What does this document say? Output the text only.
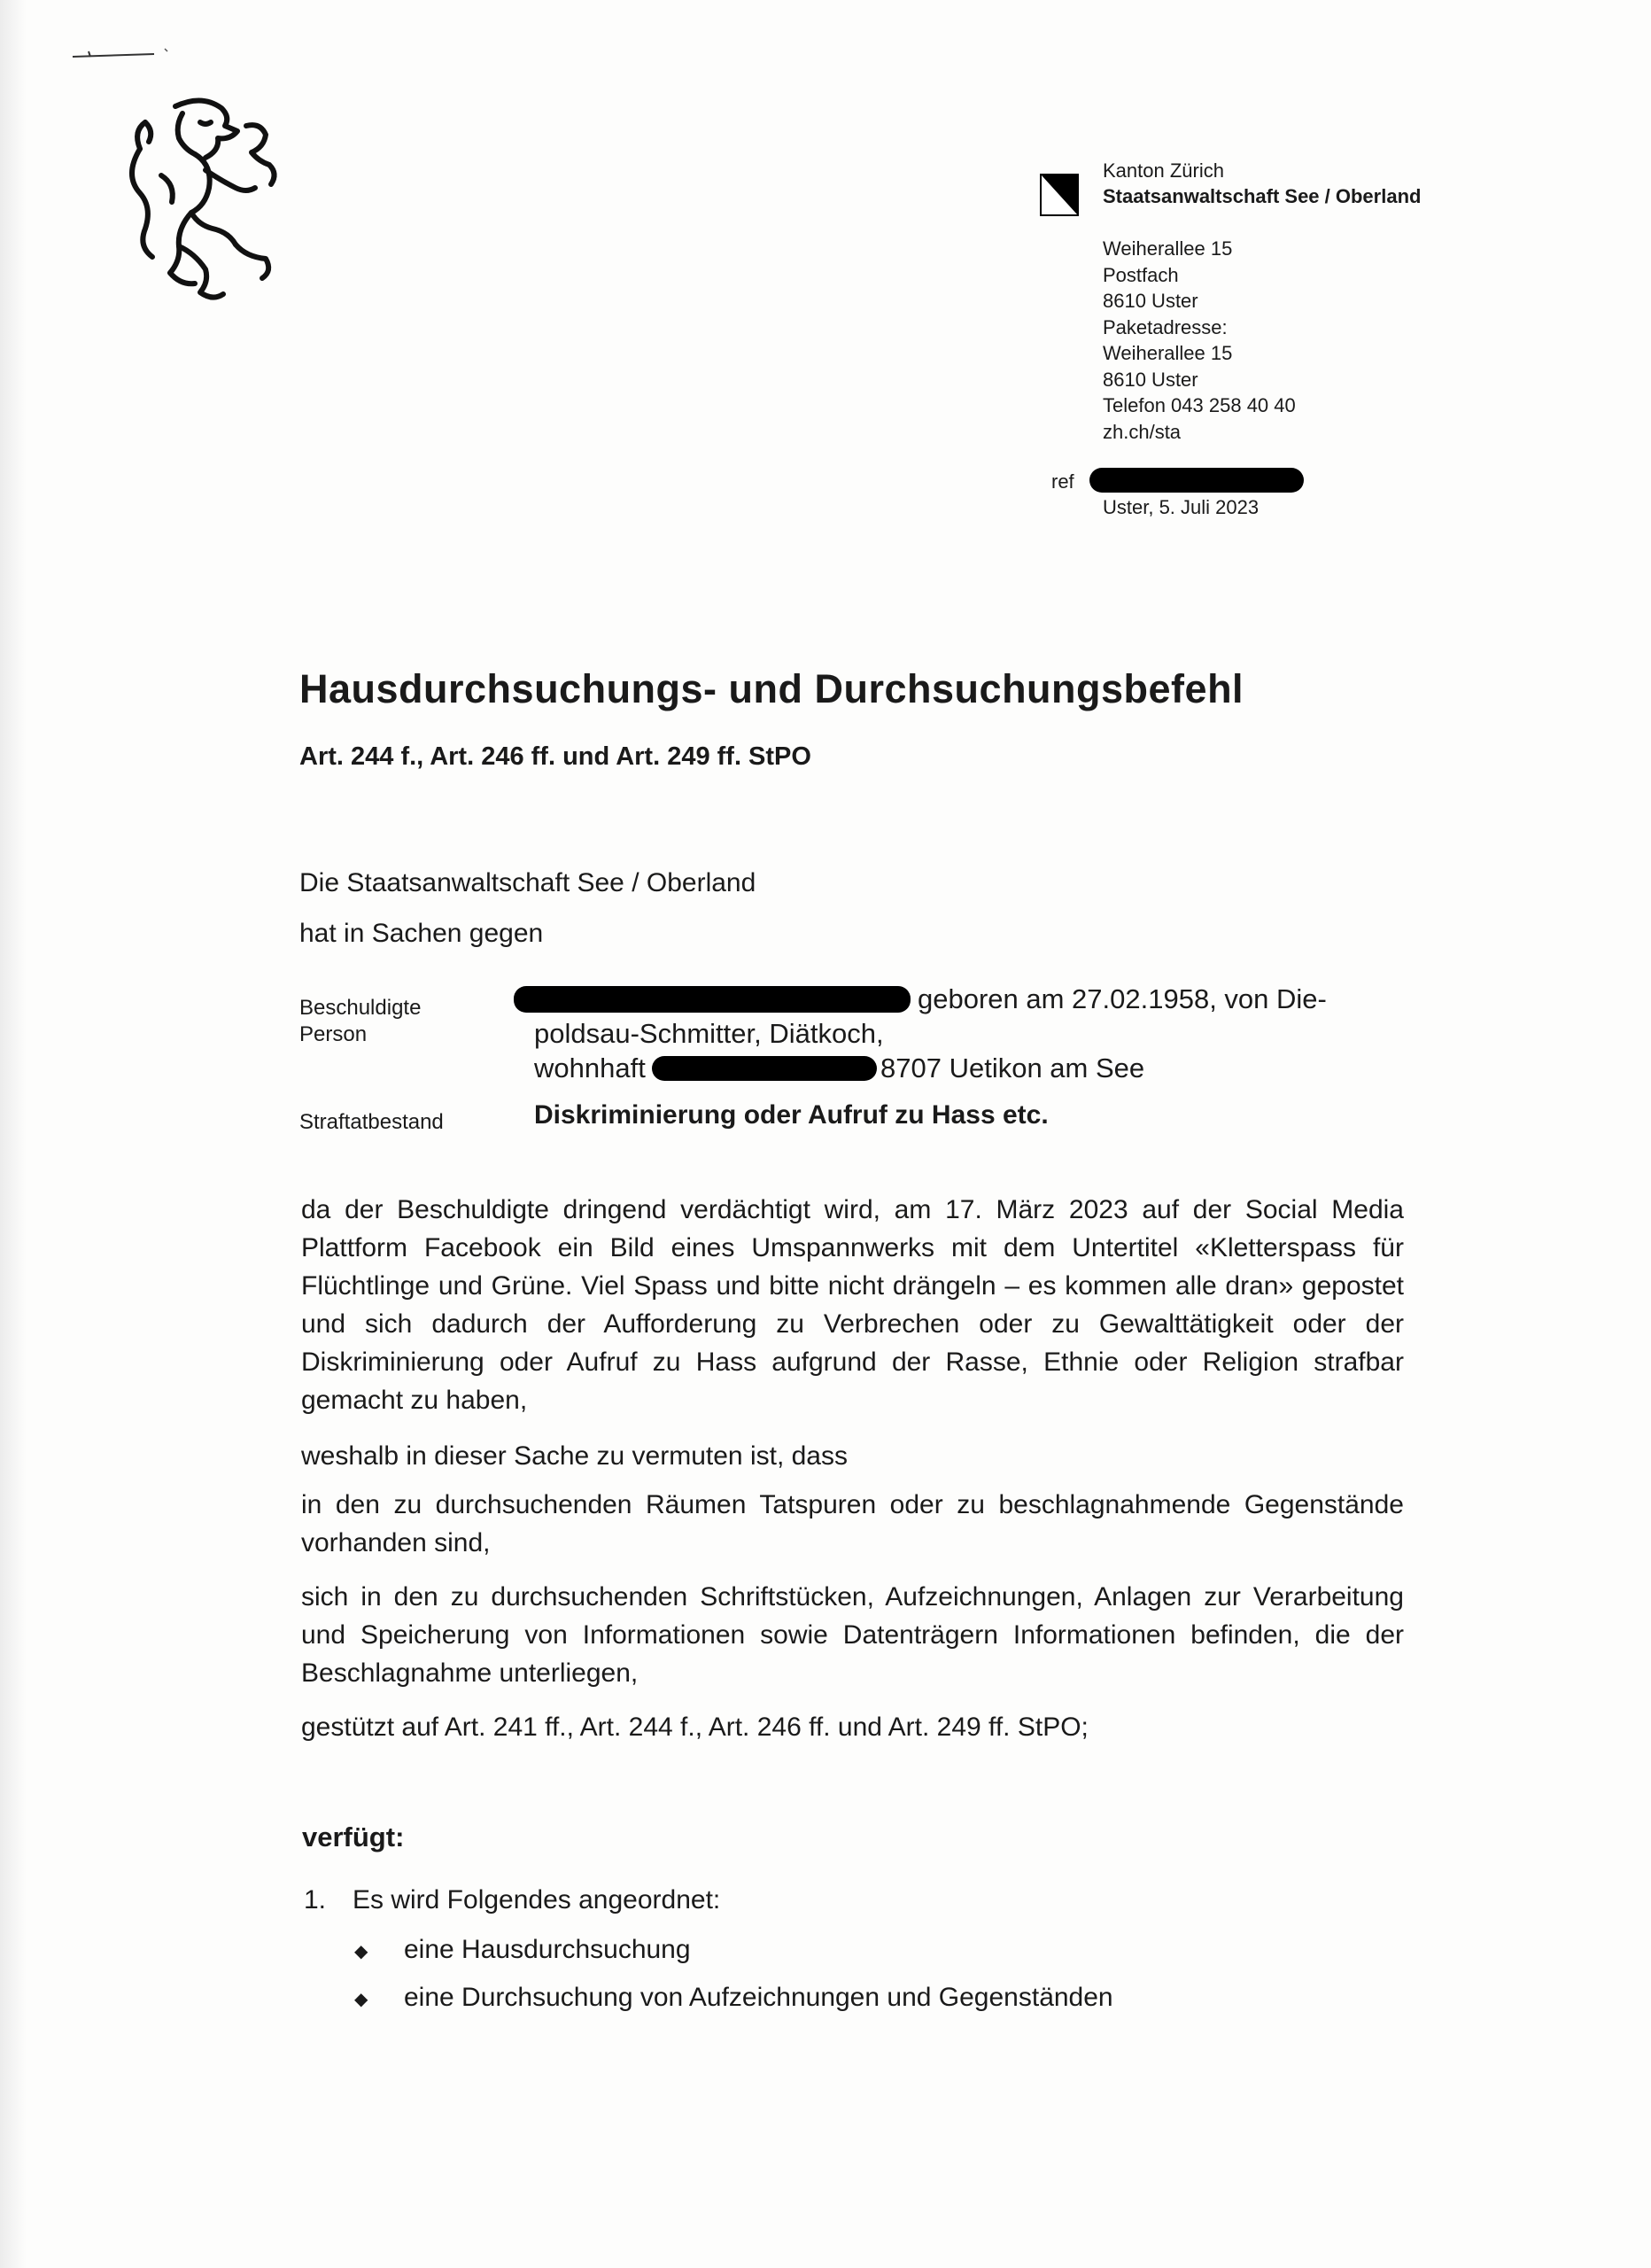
Kanton Zürich
Staatsanwaltschaft See / Oberland
Weiherallee 15
Postfach
8610 Uster
Paketadresse:
Weiherallee 15
8610 Uster
Telefon 043 258 40 40
zh.ch/sta
ref
Uster, 5. Juli 2023
Hausdurchsuchungs- und Durchsuchungsbefehl
Art. 244 f., Art. 246 ff. und Art. 249 ff. StPO
Die Staatsanwaltschaft See / Oberland
hat in Sachen gegen
Beschuldigte
Person
geboren am 27.02.1958, von Die-
poldsau-Schmitter, Diätkoch,
wohnhaft	8707 Uetikon am See
Straftatbestand	Diskriminierung oder Aufruf zu Hass etc.
da der Beschuldigte dringend verdächtigt wird, am 17. März 2023 auf der Social Media Plattform Facebook ein Bild eines Umspannwerks mit dem Untertitel «Kletterspass für Flüchtlinge und Grüne. Viel Spass und bitte nicht drängeln – es kommen alle dran» gepostet und sich dadurch der Aufforderung zu Verbrechen oder zu Gewalttätigkeit oder der Diskriminierung oder Aufruf zu Hass aufgrund der Rasse, Ethnie oder Religion strafbar gemacht zu haben,
weshalb in dieser Sache zu vermuten ist, dass
in den zu durchsuchenden Räumen Tatspuren oder zu beschlagnahmende Gegenstände vorhanden sind,
sich in den zu durchsuchenden Schriftstücken, Aufzeichnungen, Anlagen zur Verarbeitung und Speicherung von Informationen sowie Datenträgern Informationen befinden, die der Beschlagnahme unterliegen,
gestützt auf Art. 241 ff., Art. 244 f., Art. 246 ff. und Art. 249 ff. StPO;
verfügt:
1. Es wird Folgendes angeordnet:
◆ eine Hausdurchsuchung
◆ eine Durchsuchung von Aufzeichnungen und Gegenständen
